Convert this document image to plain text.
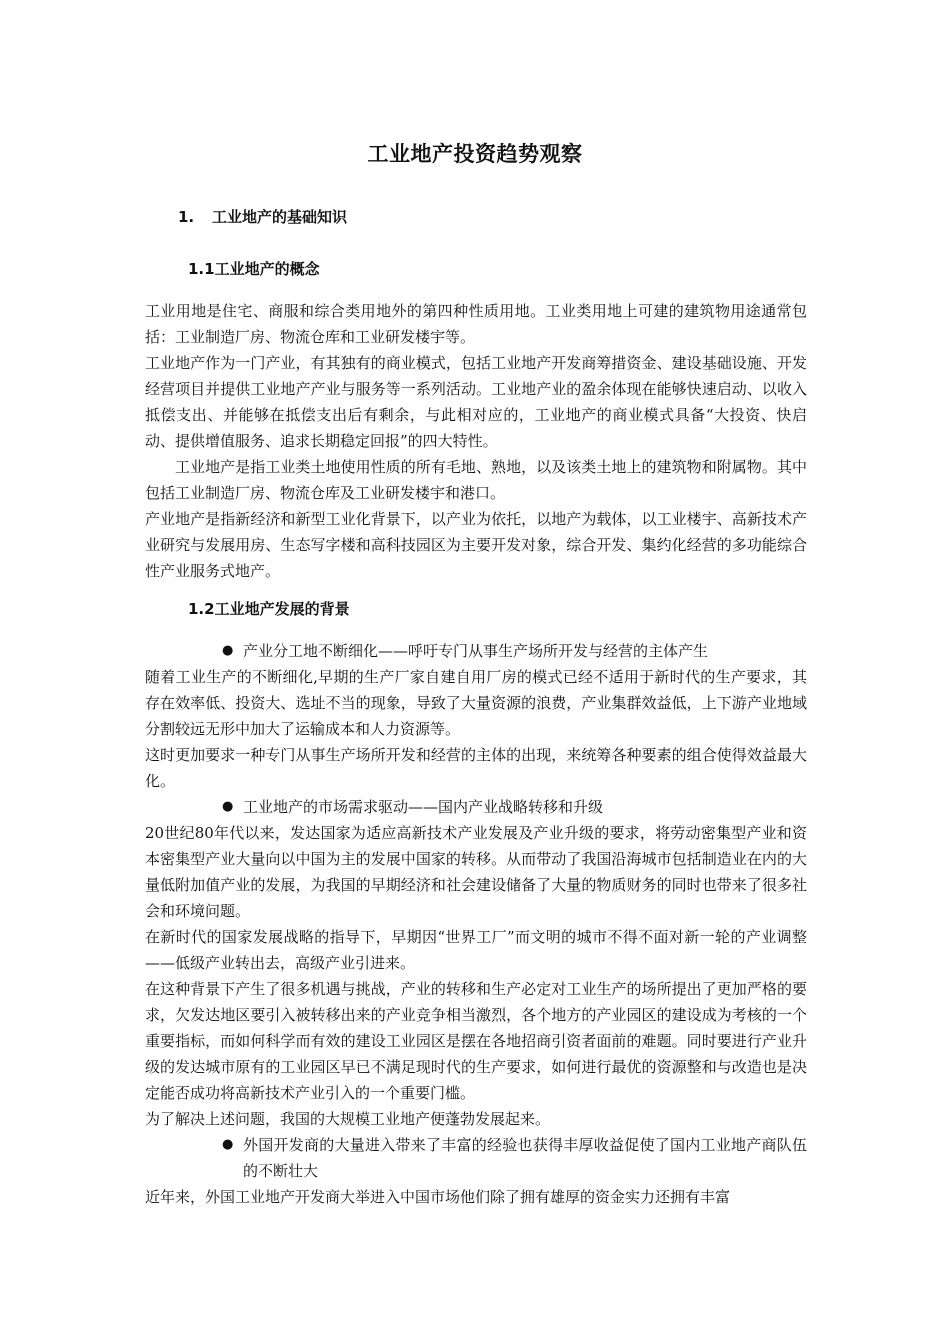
工业地产投资趋势观察
1. 工业地产的基础知识
1.1工业地产的概念

工业用地是住宅、商服和综合类用地外的第四种性质用地。工业类用地上可建的建筑物用途通常包括：工业制造厂房、物流仓库和工业研发楼宇等。

工业地产作为一门产业，有其独有的商业模式，包括工业地产开发商筹措资金、建设基础设施、开发经营项目并提供工业地产产业与服务等一系列活动。工业地产业的盈余体现在能够快速启动、以收入抵偿支出、并能够在抵偿支出后有剩余，与此相对应的，工业地产的商业模式具备“大投资、快启动、提供增值服务、追求长期稳定回报”的四大特性。

工业地产是指工业类土地使用性质的所有毛地、熟地，以及该类土地上的建筑物和附属物。其中包括工业制造厂房、物流仓库及工业研发楼宇和港口。

产业地产是指新经济和新型工业化背景下，以产业为依托，以地产为载体，以工业楼宇、高新技术产业研究与发展用房、生态写字楼和高科技园区为主要开发对象，综合开发、集约化经营的多功能综合性产业服务式地产。

1.2工业地产发展的背景

● 产业分工地不断细化——呼吁专门从事生产场所开发与经营的主体产生

随着工业生产的不断细化,早期的生产厂家自建自用厂房的模式已经不适用于新时代的生产要求，其存在效率低、投资大、选址不当的现象，导致了大量资源的浪费，产业集群效益低，上下游产业地域分割较远无形中加大了运输成本和人力资源等。

这时更加要求一种专门从事生产场所开发和经营的主体的出现，来统筹各种要素的组合使得效益最大化。

● 工业地产的市场需求驱动——国内产业战略转移和升级

20世纪80年代以来，发达国家为适应高新技术产业发展及产业升级的要求，将劳动密集型产业和资本密集型产业大量向以中国为主的发展中国家的转移。从而带动了我国沿海城市包括制造业在内的大量低附加值产业的发展，为我国的早期经济和社会建设储备了大量的物质财务的同时也带来了很多社会和环境问题。

在新时代的国家发展战略的指导下，早期因“世界工厂”而文明的城市不得不面对新一轮的产业调整——低级产业转出去，高级产业引进来。

在这种背景下产生了很多机遇与挑战，产业的转移和生产必定对工业生产的场所提出了更加严格的要求，欠发达地区要引入被转移出来的产业竞争相当激烈，各个地方的产业园区的建设成为考核的一个重要指标，而如何科学而有效的建设工业园区是摆在各地招商引资者面前的难题。同时要进行产业升级的发达城市原有的工业园区早已不满足现时代的生产要求，如何进行最优的资源整和与改造也是决定能否成功将高新技术产业引入的一个重要门槛。

为了解决上述问题，我国的大规模工业地产便蓬勃发展起来。

● 外国开发商的大量进入带来了丰富的经验也获得丰厚收益促使了国内工业地产商队伍的不断壮大

近年来，外国工业地产开发商大举进入中国市场他们除了拥有雄厚的资金实力还拥有丰富
